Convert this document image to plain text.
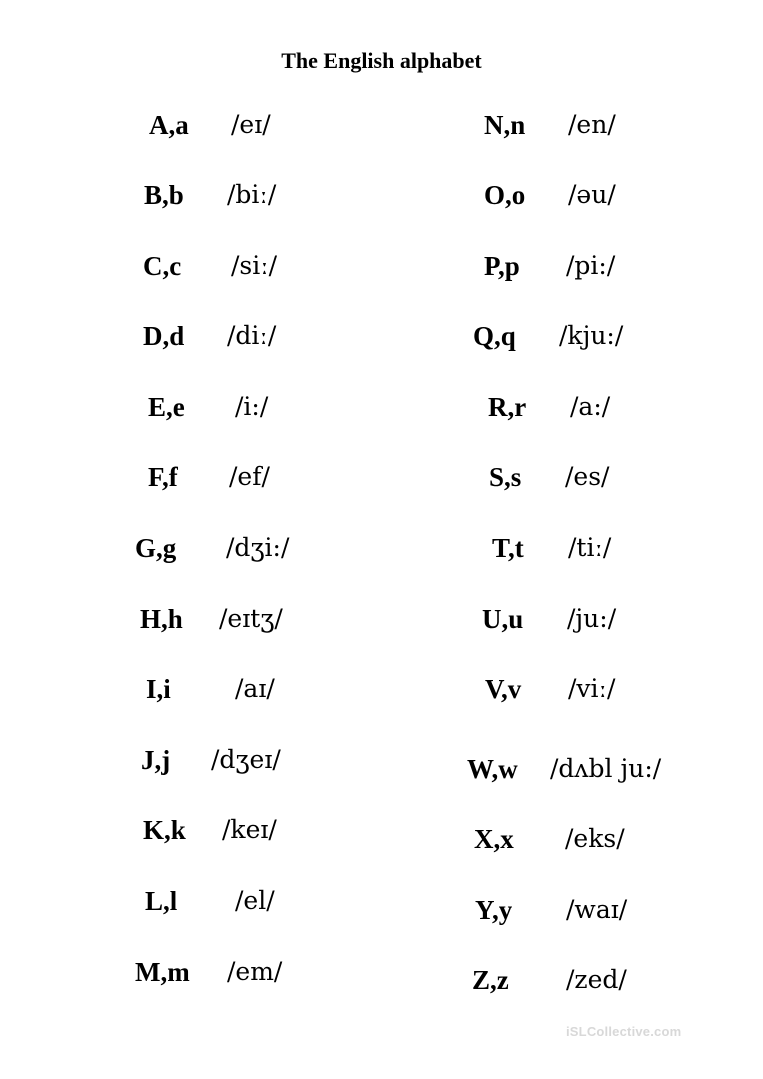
The English alphabet
A,a /eɪ/
B,b /biː/
C,c /siː/
D,d /diː/
E,e /i:/
F,f /ef/
G,g /dʒi:/
H,h /eɪtʒ/
I,i	/aɪ/
J,j /dʒeɪ/
K,k /keɪ/
L,l /el/
M,m /em/
N,n /en/
O,o /əu/
P,p /pi:/
Q,q /kju:/
R,r /a:/
S,s /es/
T,t /tiː/
U,u /ju:/
V,v /viː/
W,w /dʌbl ju:/
X,x /eks/
Y,y /waɪ/
Z,z /zed/
iSLCollective.com
